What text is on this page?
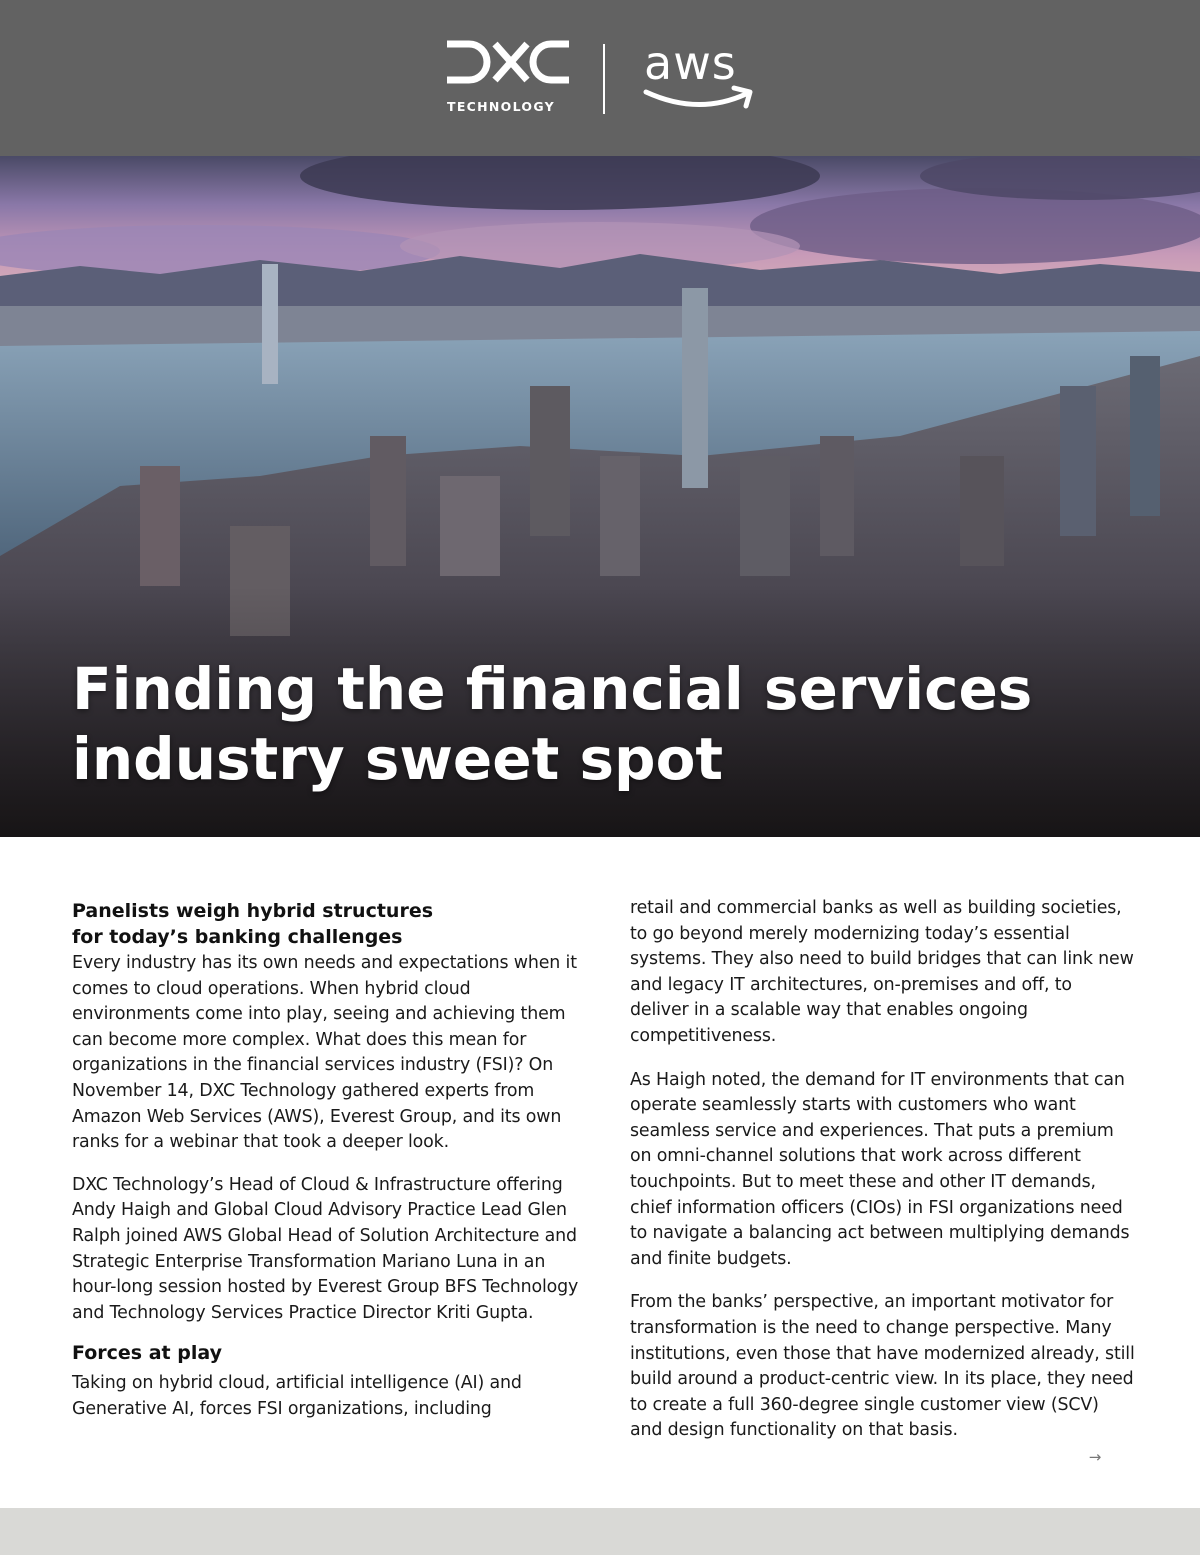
TECHNOLOGY
aws
Finding the financial services
industry sweet spot
Panelists weigh hybrid structures
for today’s banking challenges

Every industry has its own needs and expectations when it comes to cloud operations. When hybrid cloud environments come into play, seeing and achieving them can become more complex. What does this mean for organizations in the financial services industry (FSI)? On November 14, DXC Technology gathered experts from Amazon Web Services (AWS), Everest Group, and its own ranks for a webinar that took a deeper look.

DXC Technology’s Head of Cloud & Infrastructure offering Andy Haigh and Global Cloud Advisory Practice Lead Glen Ralph joined AWS Global Head of Solution Architecture and Strategic Enterprise Transformation Mariano Luna in an hour-long session hosted by Everest Group BFS Technology and Technology Services Practice Director Kriti Gupta.

Forces at play

Taking on hybrid cloud, artificial intelligence (AI) and Generative AI, forces FSI organizations, including

retail and commercial banks as well as building societies, to go beyond merely modernizing today’s essential systems. They also need to build bridges that can link new and legacy IT architectures, on-premises and off, to deliver in a scalable way that enables ongoing competitiveness.

As Haigh noted, the demand for IT environments that can operate seamlessly starts with customers who want seamless service and experiences. That puts a premium on omni-channel solutions that work across different touchpoints. But to meet these and other IT demands, chief information officers (CIOs) in FSI organizations need to navigate a balancing act between multiplying demands and finite budgets.

From the banks’ perspective, an important motivator for transformation is the need to change perspective. Many institutions, even those that have modernized already, still build around a product-centric view. In its place, they need to create a full 360-degree single customer view (SCV) and design functionality on that basis.

→
